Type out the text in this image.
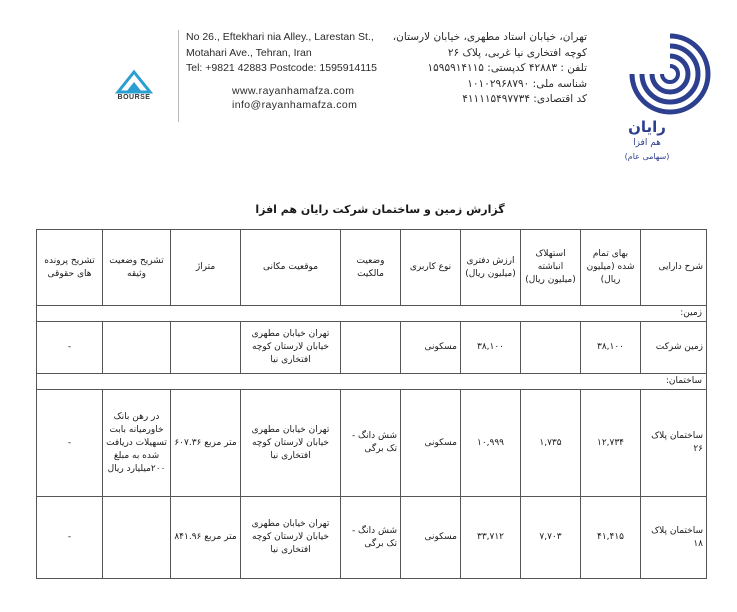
رایان
هم افزا
(سهامی عام)
BOURSE
No 26., Eftekhari nia Alley., Larestan St.,
Motahari Ave., Tehran, Iran
Tel: +9821 42883 Postcode: 1595914115
www.rayanhamafza.com
info@rayanhamafza.com
تهران، خیابان استاد مطهری، خیابان لارستان،
کوچه افتخاری نیا غربی، پلاک ۲۶
تلفن : ۴۲۸۸۳ کدپستی: ۱۵۹۵۹۱۴۱۱۵
شناسه ملی: ۱۰۱۰۲۹۶۸۷۹۰
کد اقتصادی: ۴۱۱۱۱۵۴۹۷۷۳۴
گزارش زمین و ساختمان شرکت رایان هم افزا
شرح دارایی	بهای تمام شده (میلیون ریال)	استهلاک انباشته (میلیون ریال)	ارزش دفتری (میلیون ریال)	نوع کاربری	وضعیت مالکیت	موقعیت مکانی	متراژ	تشریح وضعیت وثیقه	تشریح پرونده های حقوقی
زمین:									
زمین شرکت	۳۸,۱۰۰		۳۸,۱۰۰	مسکونی		تهران خیابان مطهری خیابان لارستان کوچه افتخاری نیا			-
ساختمان:									
ساختمان پلاک ۲۶	۱۲,۷۳۴	۱,۷۳۵	۱۰,۹۹۹	مسکونی	شش دانگ - تک برگی	تهران خیابان مطهری خیابان لارستان کوچه افتخاری نیا	متر مربع ۶۰۷.۳۶	در رهن بانک خاورمیانه بابت تسهیلات دریافت شده به مبلغ ۲۰۰میلیارد ریال	-
ساختمان پلاک ۱۸	۴۱,۴۱۵	۷,۷۰۳	۳۳,۷۱۲	مسکونی	شش دانگ - تک برگی	تهران خیابان مطهری خیابان لارستان کوچه افتخاری نیا	متر مربع ۸۴۱.۹۶		-
